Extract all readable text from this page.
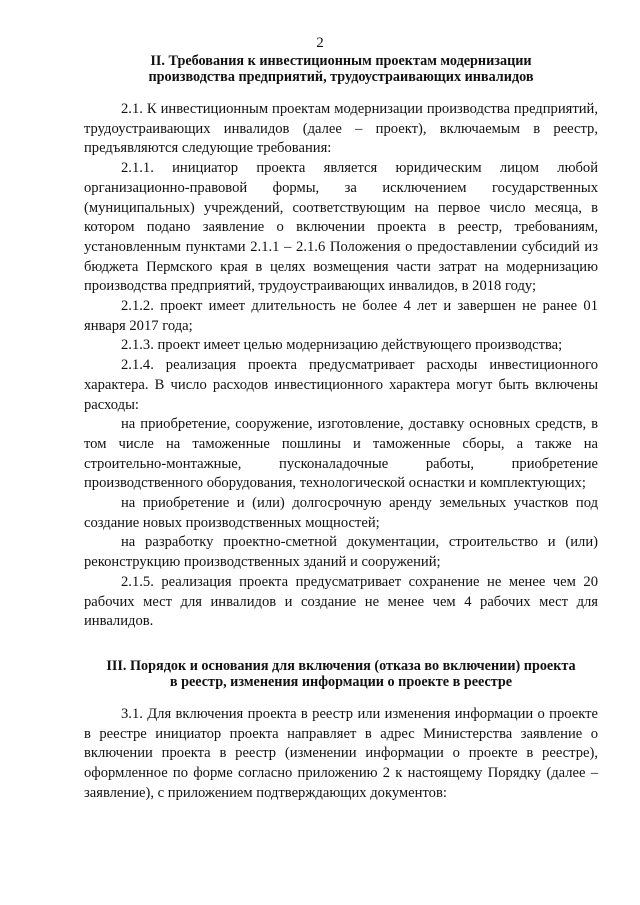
2
II. Требования к инвестиционным проектам модернизации
производства предприятий, трудоустраивающих инвалидов

2.1. К инвестиционным проектам модернизации производства предприятий, трудоустраивающих инвалидов (далее – проект), включаемым в реестр, предъявляются следующие требования:

2.1.1. инициатор проекта является юридическим лицом любой организационно-правовой формы, за исключением государственных (муниципальных) учреждений, соответствующим на первое число месяца, в котором подано заявление о включении проекта в реестр, требованиям, установленным пунктами 2.1.1 – 2.1.6 Положения о предоставлении субсидий из бюджета Пермского края в целях возмещения части затрат на модернизацию производства предприятий, трудоустраивающих инвалидов, в 2018 году;

2.1.2. проект имеет длительность не более 4 лет и завершен не ранее 01 января 2017 года;

2.1.3. проект имеет целью модернизацию действующего производства;

2.1.4. реализация проекта предусматривает расходы инвестиционного характера. В число расходов инвестиционного характера могут быть включены расходы:

на приобретение, сооружение, изготовление, доставку основных средств, в том числе на таможенные пошлины и таможенные сборы, а также на строительно-монтажные, пусконаладочные работы, приобретение производственного оборудования, технологической оснастки и комплектующих;

на приобретение и (или) долгосрочную аренду земельных участков под создание новых производственных мощностей;

на разработку проектно-сметной документации, строительство и (или) реконструкцию производственных зданий и сооружений;

2.1.5. реализация проекта предусматривает сохранение не менее чем 20 рабочих мест для инвалидов и создание не менее чем 4 рабочих мест для инвалидов.

III. Порядок и основания для включения (отказа во включении) проекта
в реестр, изменения информации о проекте в реестре

3.1. Для включения проекта в реестр или изменения информации о проекте в реестре инициатор проекта направляет в адрес Министерства заявление о включении проекта в реестр (изменении информации о проекте в реестре), оформленное по форме согласно приложению 2 к настоящему Порядку (далее – заявление), с приложением подтверждающих документов:
